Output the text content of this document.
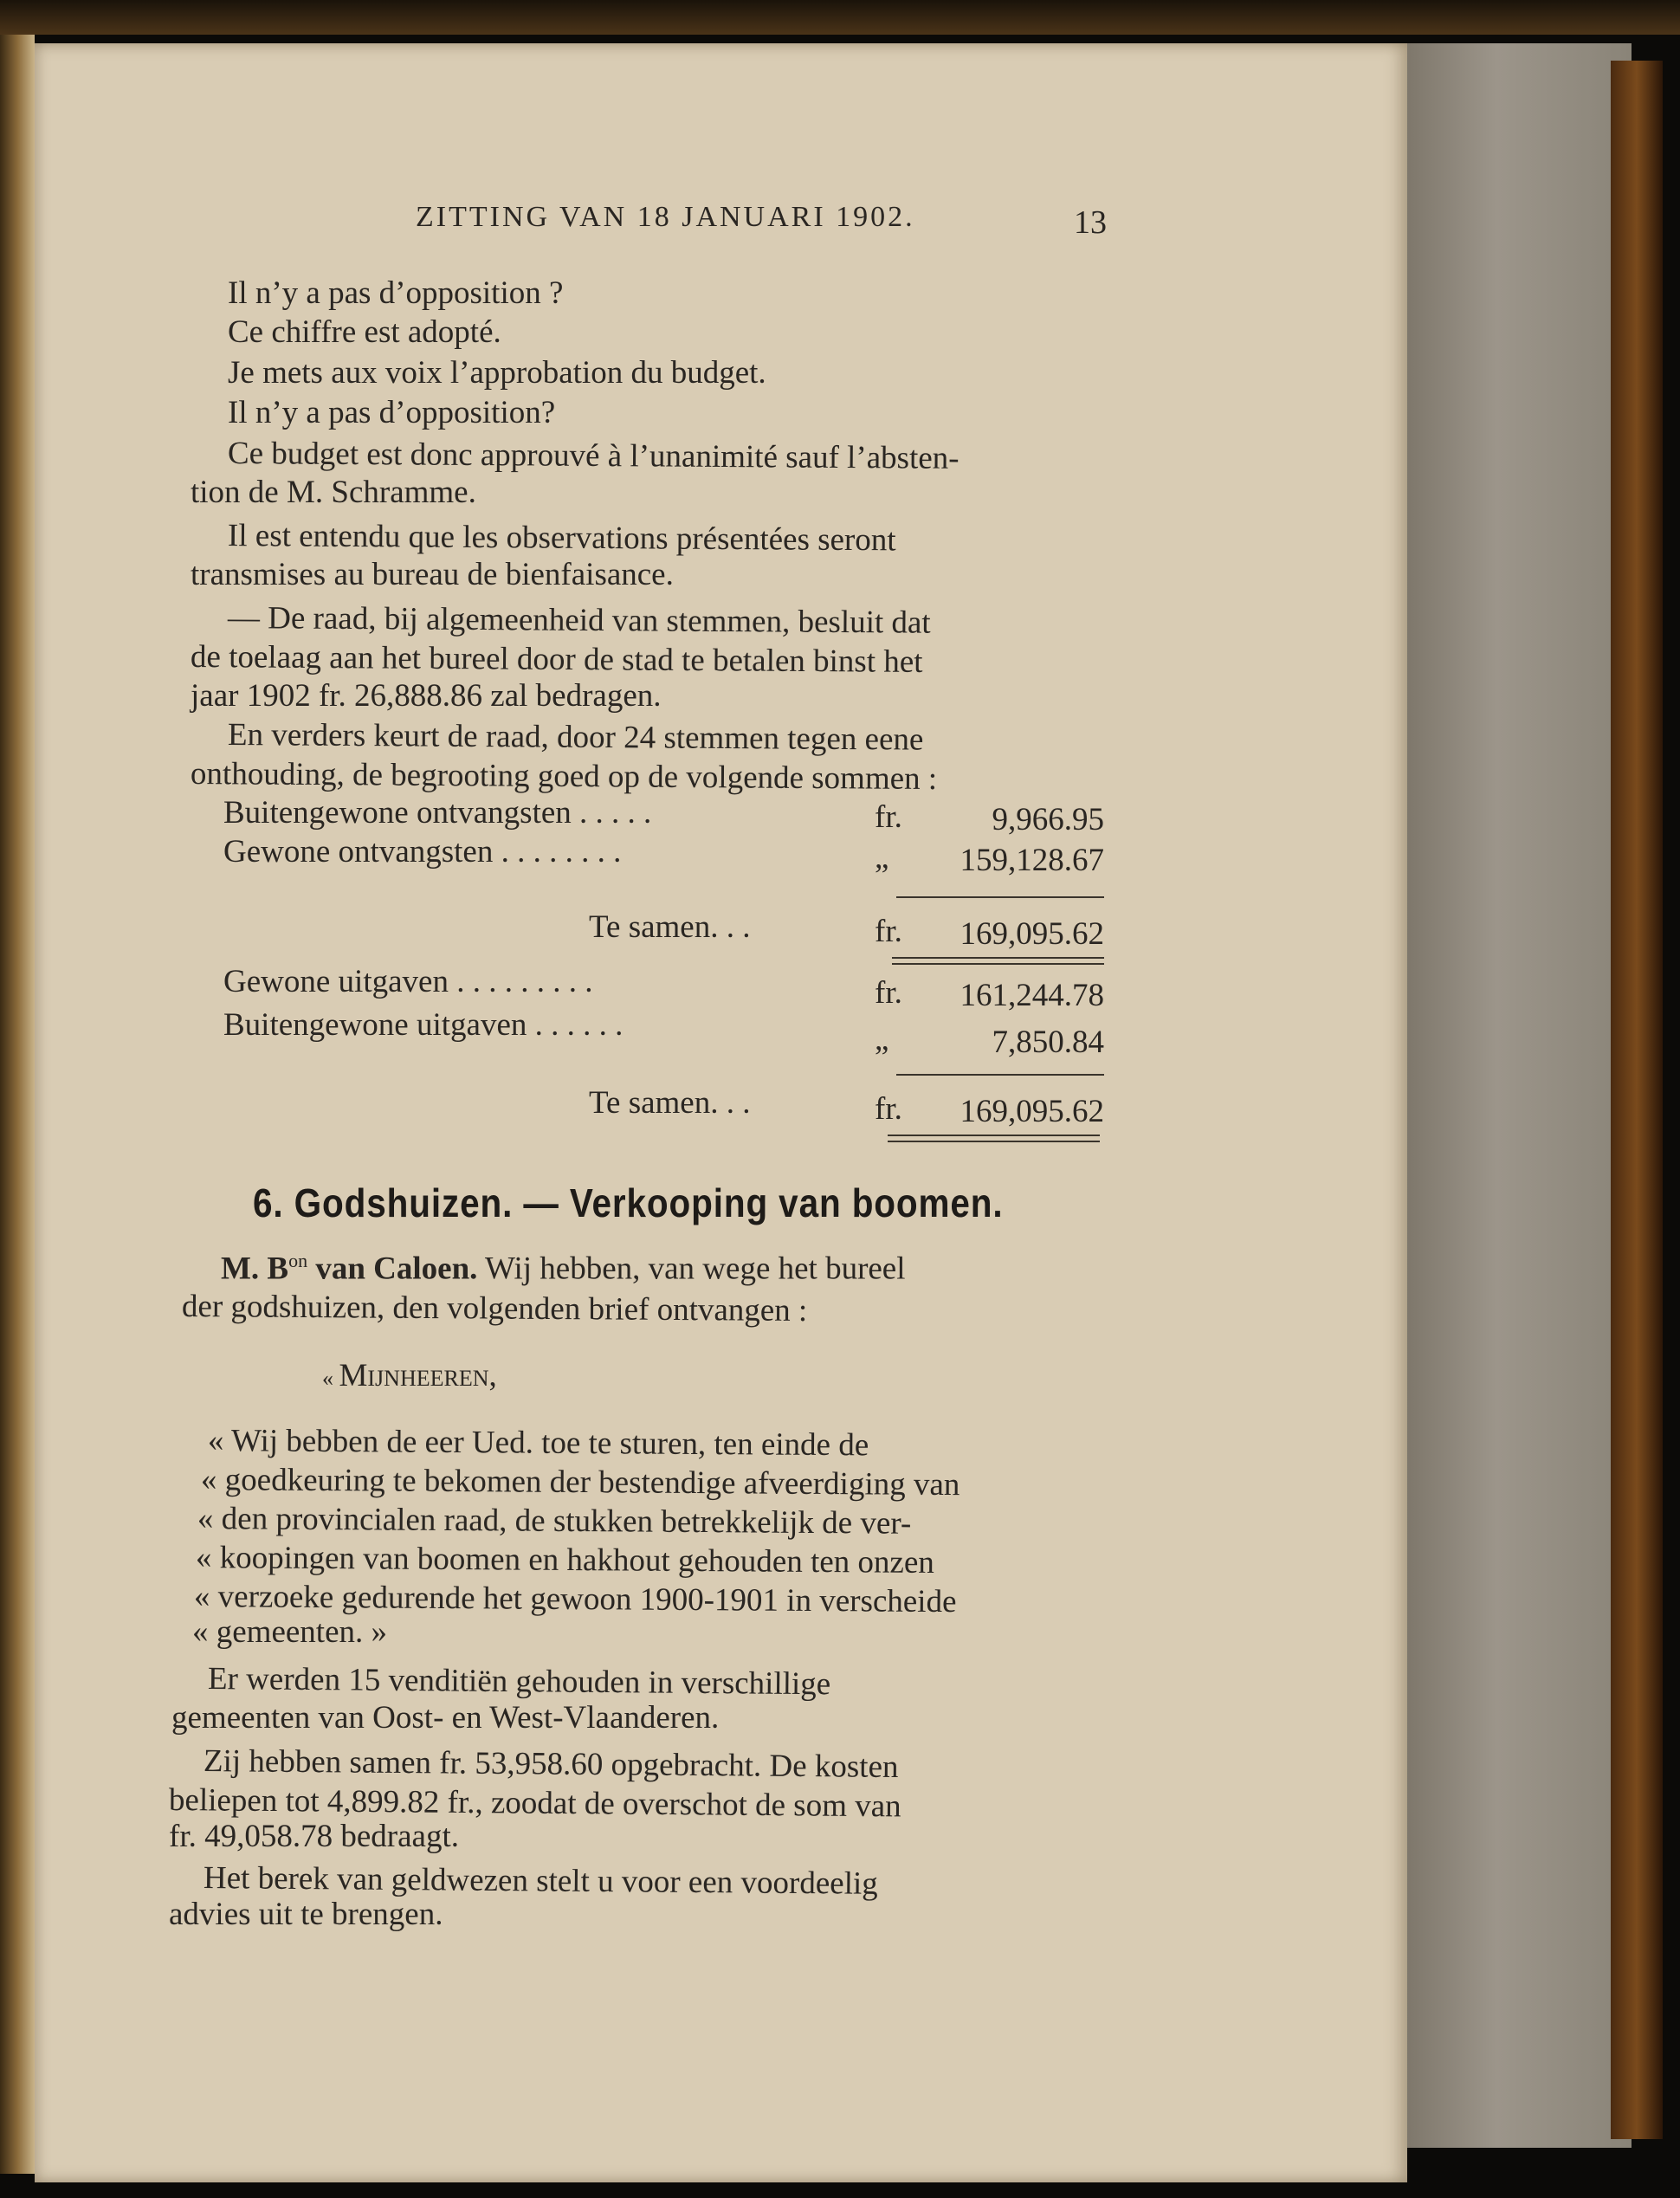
ZITTING VAN 18 JANUARI 1902.	13
Il n’y a pas d’opposition ?
Ce chiffre est adopté.
Je mets aux voix l’approbation du budget.
Il n’y a pas d’opposition?
Ce budget est donc approuvé à l’unanimité sauf l’absten-
tion de M. Schramme.
Il est entendu que les observations présentées seront
transmises au bureau de bienfaisance.
— De raad, bij algemeenheid van stemmen, besluit dat
de toelaag aan het bureel door de stad te betalen binst het
jaar 1902 fr. 26,888.86 zal bedragen.
En verders keurt de raad, door 24 stemmen tegen eene
onthouding, de begrooting goed op de volgende sommen :
Buitengewone ontvangsten . . . . .	fr.	9,966.95
Gewone ontvangsten . . . . . . . .	„	159,128.67
Te samen. . .	fr.	169,095.62
Gewone uitgaven . . . . . . . . .	fr.	161,244.78
Buitengewone uitgaven . . . . . .	„	7,850.84
Te samen. . .	fr.	169,095.62
6. Godshuizen. — Verkooping van boomen.
M. $B^{on}$ van Caloen. Wij hebben, van wege het bureel
der godshuizen, den volgenden brief ontvangen :
« Mijnheeren,
« Wij bebben de eer Ued. toe te sturen, ten einde de
« goedkeuring te bekomen der bestendige afveerdiging van
« den provincialen raad, de stukken betrekkelijk de ver-
« koopingen van boomen en hakhout gehouden ten onzen
« verzoeke gedurende het gewoon 1900-1901 in verscheide
« gemeenten. »
Er werden 15 venditiën gehouden in verschillige
gemeenten van Oost- en West-Vlaanderen.
Zij hebben samen fr. 53,958.60 opgebracht. De kosten
beliepen tot 4,899.82 fr., zoodat de overschot de som van
fr. 49,058.78 bedraagt.
Het berek van geldwezen stelt u voor een voordeelig
advies uit te brengen.
